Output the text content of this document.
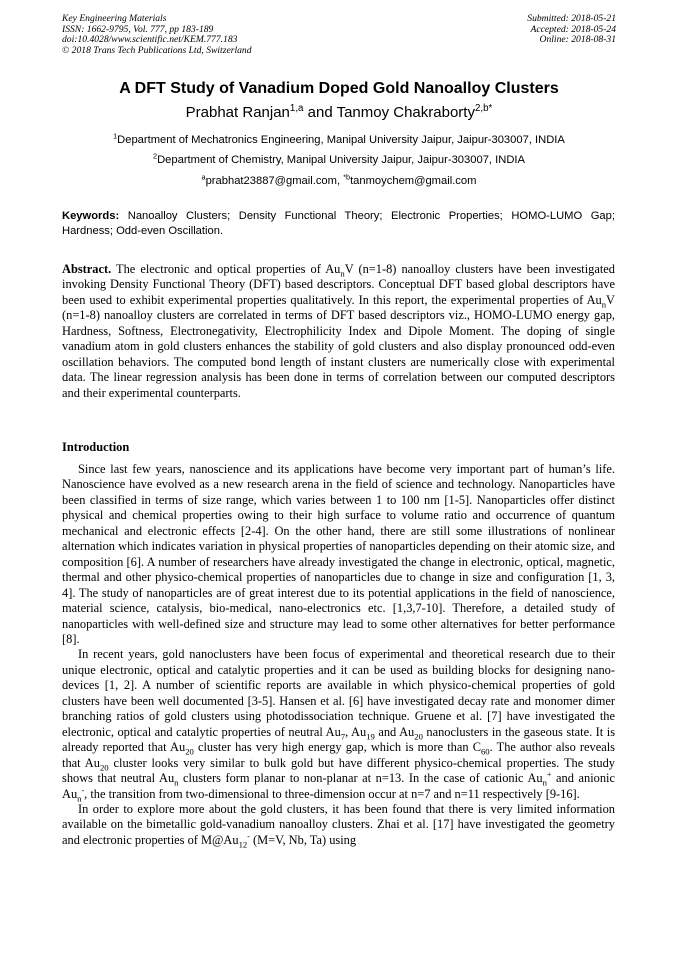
Key Engineering Materials
ISSN: 1662-9795, Vol. 777, pp 183-189
doi:10.4028/www.scientific.net/KEM.777.183
© 2018 Trans Tech Publications Ltd, Switzerland
Submitted: 2018-05-21
Accepted: 2018-05-24
Online: 2018-08-31
A DFT Study of Vanadium Doped Gold Nanoalloy Clusters
Prabhat Ranjan$^{1,a}$ and Tanmoy Chakraborty$^{2,b*}$
$^1$Department of Mechatronics Engineering, Manipal University Jaipur, Jaipur-303007, INDIA
$^2$Department of Chemistry, Manipal University Jaipur, Jaipur-303007, INDIA
$^a$prabhat23887@gmail.com, $^{*b}$tanmoychem@gmail.com
Keywords: Nanoalloy Clusters; Density Functional Theory; Electronic Properties; HOMO-LUMO Gap; Hardness; Odd-even Oscillation.
Abstract. The electronic and optical properties of $Au_nV$ (n=1-8) nanoalloy clusters have been investigated invoking Density Functional Theory (DFT) based descriptors. Conceptual DFT based global descriptors have been used to exhibit experimental properties qualitatively. In this report, the experimental properties of $Au_nV$ (n=1-8) nanoalloy clusters are correlated in terms of DFT based descriptors viz., HOMO-LUMO energy gap, Hardness, Softness, Electronegativity, Electrophilicity Index and Dipole Moment. The doping of single vanadium atom in gold clusters enhances the stability of gold clusters and also display pronounced odd-even oscillation behaviors. The computed bond length of instant clusters are numerically close with experimental data. The linear regression analysis has been done in terms of correlation between our computed descriptors and their experimental counterparts.
Introduction

Since last few years, nanoscience and its applications have become very important part of human’s life. Nanoscience have evolved as a new research arena in the field of science and technology. Nanoparticles have been classified in terms of size range, which varies between 1 to 100 nm [1-5]. Nanoparticles offer distinct physical and chemical properties owing to their high surface to volume ratio and occurrence of quantum mechanical and electronic effects [2-4]. On the other hand, there are still some illustrations of nonlinear alternation which indicates variation in physical properties of nanoparticles depending on their atomic size, and composition [6]. A number of researchers have already investigated the change in electronic, optical, magnetic, thermal and other physico-chemical properties of nanoparticles due to change in size and configuration [1, 3, 4]. The study of nanoparticles are of great interest due to its potential applications in the field of nanoscience, material science, catalysis, bio-medical, nano-electronics etc. [1,3,7-10]. Therefore, a detailed study of nanoparticles with well-defined size and structure may lead to some other alternatives for better performance [8].

In recent years, gold nanoclusters have been focus of experimental and theoretical research due to their unique electronic, optical and catalytic properties and it can be used as building blocks for designing nano-devices [1, 2]. A number of scientific reports are available in which physico-chemical properties of gold clusters have been well documented [3-5]. Hansen et al. [6] have investigated decay rate and monomer dimer branching ratios of gold clusters using photodissociation technique. Gruene et al. [7] have investigated the electronic, optical and catalytic properties of neutral $Au_7$, $Au_{19}$ and $Au_{20}$ nanoclusters in the gaseous state. It is already reported that $Au_{20}$ cluster has very high energy gap, which is more than $C_{60}$. The author also reveals that $Au_{20}$ cluster looks very similar to bulk gold but have different physico-chemical properties. The study shows that neutral $Au_n$ clusters form planar to non-planar at n=13. In the case of cationic $Au_n^+$ and anionic $Au_n^-$, the transition from two-dimensional to three-dimension occur at n=7 and n=11 respectively [9-16].

In order to explore more about the gold clusters, it has been found that there is very limited information available on the bimetallic gold-vanadium nanoalloy clusters. Zhai et al. [17] have investigated the geometry and electronic properties of $M@Au_{12}^-$ (M=V, Nb, Ta) using
